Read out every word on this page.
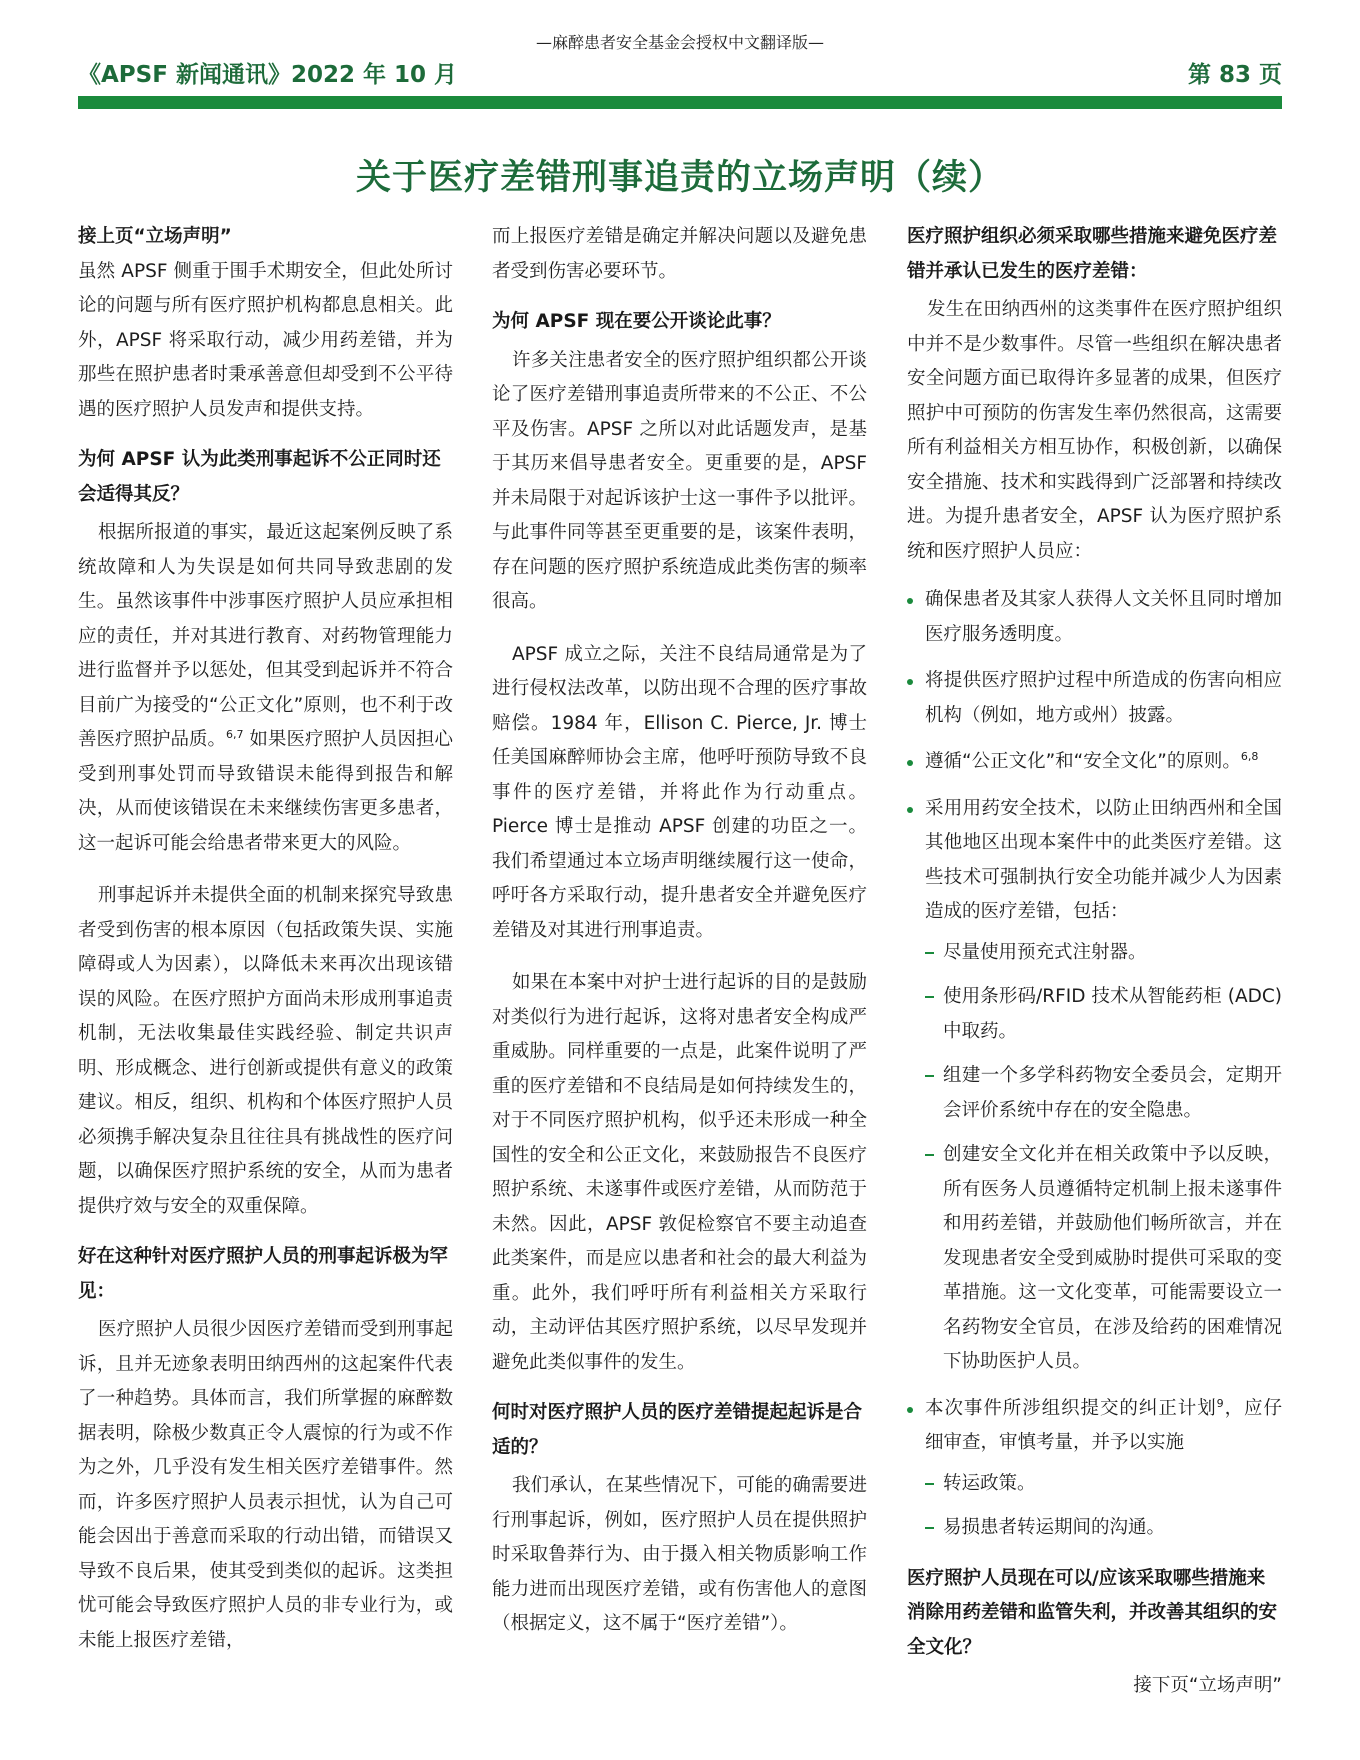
—麻醉患者安全基金会授权中文翻译版—
《APSF 新闻通讯》2022 年 10 月	第 83 页
关于医疗差错刑事追责的立场声明（续）

接上页“立场声明”

虽然 APSF 侧重于围手术期安全，但此处所讨论的问题与所有医疗照护机构都息息相关。此外，APSF 将采取行动，减少用药差错，并为那些在照护患者时秉承善意但却受到不公平待遇的医疗照护人员发声和提供支持。

为何 APSF 认为此类刑事起诉不公正同时还会适得其反？

根据所报道的事实，最近这起案例反映了系统故障和人为失误是如何共同导致悲剧的发生。虽然该事件中涉事医疗照护人员应承担相应的责任，并对其进行教育、对药物管理能力进行监督并予以惩处，但其受到起诉并不符合目前广为接受的“公正文化”原则，也不利于改善医疗照护品质。$^{6,7}$ 如果医疗照护人员因担心受到刑事处罚而导致错误未能得到报告和解决，从而使该错误在未来继续伤害更多患者，这一起诉可能会给患者带来更大的风险。

刑事起诉并未提供全面的机制来探究导致患者受到伤害的根本原因（包括政策失误、实施障碍或人为因素），以降低未来再次出现该错误的风险。在医疗照护方面尚未形成刑事追责机制，无法收集最佳实践经验、制定共识声明、形成概念、进行创新或提供有意义的政策建议。相反，组织、机构和个体医疗照护人员必须携手解决复杂且往往具有挑战性的医疗问题，以确保医疗照护系统的安全，从而为患者提供疗效与安全的双重保障。

好在这种针对医疗照护人员的刑事起诉极为罕见：

医疗照护人员很少因医疗差错而受到刑事起诉，且并无迹象表明田纳西州的这起案件代表了一种趋势。具体而言，我们所掌握的麻醉数据表明，除极少数真正令人震惊的行为或不作为之外，几乎没有发生相关医疗差错事件。然而，许多医疗照护人员表示担忧，认为自己可能会因出于善意而采取的行动出错，而错误又导致不良后果，使其受到类似的起诉。这类担忧可能会导致医疗照护人员的非专业行为，或未能上报医疗差错，

而上报医疗差错是确定并解决问题以及避免患者受到伤害必要环节。

为何 APSF 现在要公开谈论此事？

许多关注患者安全的医疗照护组织都公开谈论了医疗差错刑事追责所带来的不公正、不公平及伤害。APSF 之所以对此话题发声，是基于其历来倡导患者安全。更重要的是，APSF 并未局限于对起诉该护士这一事件予以批评。与此事件同等甚至更重要的是，该案件表明，存在问题的医疗照护系统造成此类伤害的频率很高。

APSF 成立之际，关注不良结局通常是为了进行侵权法改革，以防出现不合理的医疗事故赔偿。1984 年，Ellison C. Pierce, Jr. 博士任美国麻醉师协会主席，他呼吁预防导致不良事件的医疗差错，并将此作为行动重点。Pierce 博士是推动 APSF 创建的功臣之一。我们希望通过本立场声明继续履行这一使命，呼吁各方采取行动，提升患者安全并避免医疗差错及对其进行刑事追责。

如果在本案中对护士进行起诉的目的是鼓励对类似行为进行起诉，这将对患者安全构成严重威胁。同样重要的一点是，此案件说明了严重的医疗差错和不良结局是如何持续发生的，对于不同医疗照护机构，似乎还未形成一种全国性的安全和公正文化，来鼓励报告不良医疗照护系统、未遂事件或医疗差错，从而防范于未然。因此，APSF 敦促检察官不要主动追查此类案件，而是应以患者和社会的最大利益为重。此外，我们呼吁所有利益相关方采取行动，主动评估其医疗照护系统，以尽早发现并避免此类似事件的发生。

何时对医疗照护人员的医疗差错提起起诉是合适的？

我们承认，在某些情况下，可能的确需要进行刑事起诉，例如，医疗照护人员在提供照护时采取鲁莽行为、由于摄入相关物质影响工作能力进而出现医疗差错，或有伤害他人的意图（根据定义，这不属于“医疗差错”）。

医疗照护组织必须采取哪些措施来避免医疗差错并承认已发生的医疗差错：

发生在田纳西州的这类事件在医疗照护组织中并不是少数事件。尽管一些组织在解决患者安全问题方面已取得许多显著的成果，但医疗照护中可预防的伤害发生率仍然很高，这需要所有利益相关方相互协作，积极创新，以确保安全措施、技术和实践得到广泛部署和持续改进。为提升患者安全，APSF 认为医疗照护系统和医疗照护人员应：

确保患者及其家人获得人文关怀且同时增加医疗服务透明度。
将提供医疗照护过程中所造成的伤害向相应机构（例如，地方或州）披露。
遵循“公正文化”和“安全文化”的原则。$^{6,8}$
采用用药安全技术，以防止田纳西州和全国其他地区出现本案件中的此类医疗差错。这些技术可强制执行安全功能并减少人为因素造成的医疗差错，包括：
尽量使用预充式注射器。
使用条形码/RFID 技术从智能药柜 (ADC) 中取药。
组建一个多学科药物安全委员会，定期开会评价系统中存在的安全隐患。
创建安全文化并在相关政策中予以反映，所有医务人员遵循特定机制上报未遂事件和用药差错，并鼓励他们畅所欲言，并在发现患者安全受到威胁时提供可采取的变革措施。这一文化变革，可能需要设立一名药物安全官员，在涉及给药的困难情况下协助医护人员。
本次事件所涉组织提交的纠正计划$^9$，应仔细审查，审慎考量，并予以实施
转运政策。
易损患者转运期间的沟通。

医疗照护人员现在可以/应该采取哪些措施来消除用药差错和监管失利，并改善其组织的安全文化？

接下页“立场声明”
